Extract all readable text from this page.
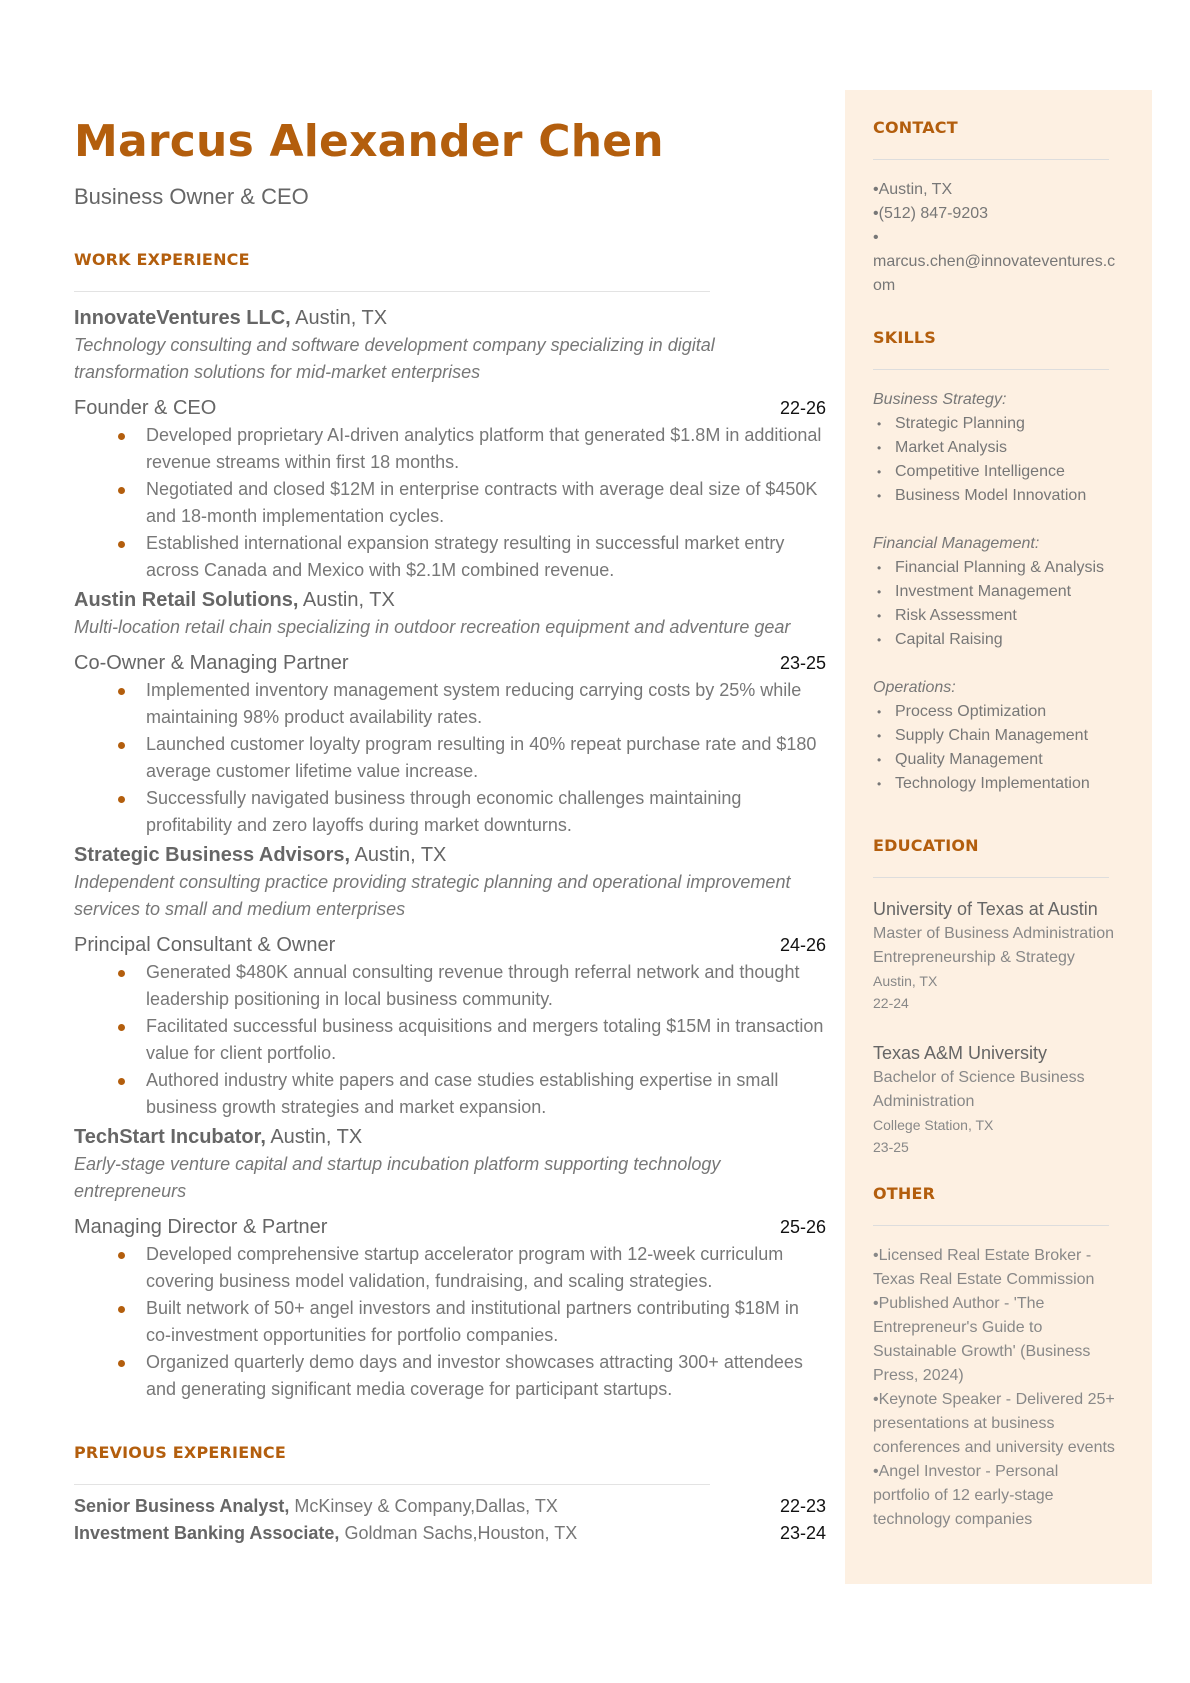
Marcus Alexander Chen
Business Owner & CEO
WORK EXPERIENCE
InnovateVentures LLC, Austin, TX
Technology consulting and software development company specializing in digital transformation solutions for mid-market enterprises
Founder & CEO	22-26
Developed proprietary AI-driven analytics platform that generated $1.8M in additional revenue streams within first 18 months.
Negotiated and closed $12M in enterprise contracts with average deal size of $450K and 18-month implementation cycles.
Established international expansion strategy resulting in successful market entry across Canada and Mexico with $2.1M combined revenue.
Austin Retail Solutions, Austin, TX
Multi-location retail chain specializing in outdoor recreation equipment and adventure gear
Co-Owner & Managing Partner	23-25
Implemented inventory management system reducing carrying costs by 25% while maintaining 98% product availability rates.
Launched customer loyalty program resulting in 40% repeat purchase rate and $180 average customer lifetime value increase.
Successfully navigated business through economic challenges maintaining profitability and zero layoffs during market downturns.
Strategic Business Advisors, Austin, TX
Independent consulting practice providing strategic planning and operational improvement services to small and medium enterprises
Principal Consultant & Owner	24-26
Generated $480K annual consulting revenue through referral network and thought leadership positioning in local business community.
Facilitated successful business acquisitions and mergers totaling $15M in transaction value for client portfolio.
Authored industry white papers and case studies establishing expertise in small business growth strategies and market expansion.
TechStart Incubator, Austin, TX
Early-stage venture capital and startup incubation platform supporting technology entrepreneurs
Managing Director & Partner	25-26
Developed comprehensive startup accelerator program with 12-week curriculum covering business model validation, fundraising, and scaling strategies.
Built network of 50+ angel investors and institutional partners contributing $18M in co-investment opportunities for portfolio companies.
Organized quarterly demo days and investor showcases attracting 300+ attendees and generating significant media coverage for participant startups.
PREVIOUS EXPERIENCE
Senior Business Analyst, McKinsey & Company,Dallas, TX	22-23
Investment Banking Associate, Goldman Sachs,Houston, TX	23-24
CONTACT
• Austin, TX
• (512) 847-9203
•
marcus.chen@innovateventures.com
SKILLS
Business Strategy:
• Strategic Planning
• Market Analysis
• Competitive Intelligence
• Business Model Innovation
Financial Management:
• Financial Planning & Analysis
• Investment Management
• Risk Assessment
• Capital Raising
Operations:
• Process Optimization
• Supply Chain Management
• Quality Management
• Technology Implementation
EDUCATION
University of Texas at Austin
Master of Business Administration
Entrepreneurship & Strategy
Austin, TX
22-24
Texas A&M University
Bachelor of Science Business Administration
College Station, TX
23-25
OTHER
• Licensed Real Estate Broker - Texas Real Estate Commission
• Published Author - 'The Entrepreneur's Guide to Sustainable Growth' (Business Press, 2024)
• Keynote Speaker - Delivered 25+ presentations at business conferences and university events
• Angel Investor - Personal portfolio of 12 early-stage technology companies
